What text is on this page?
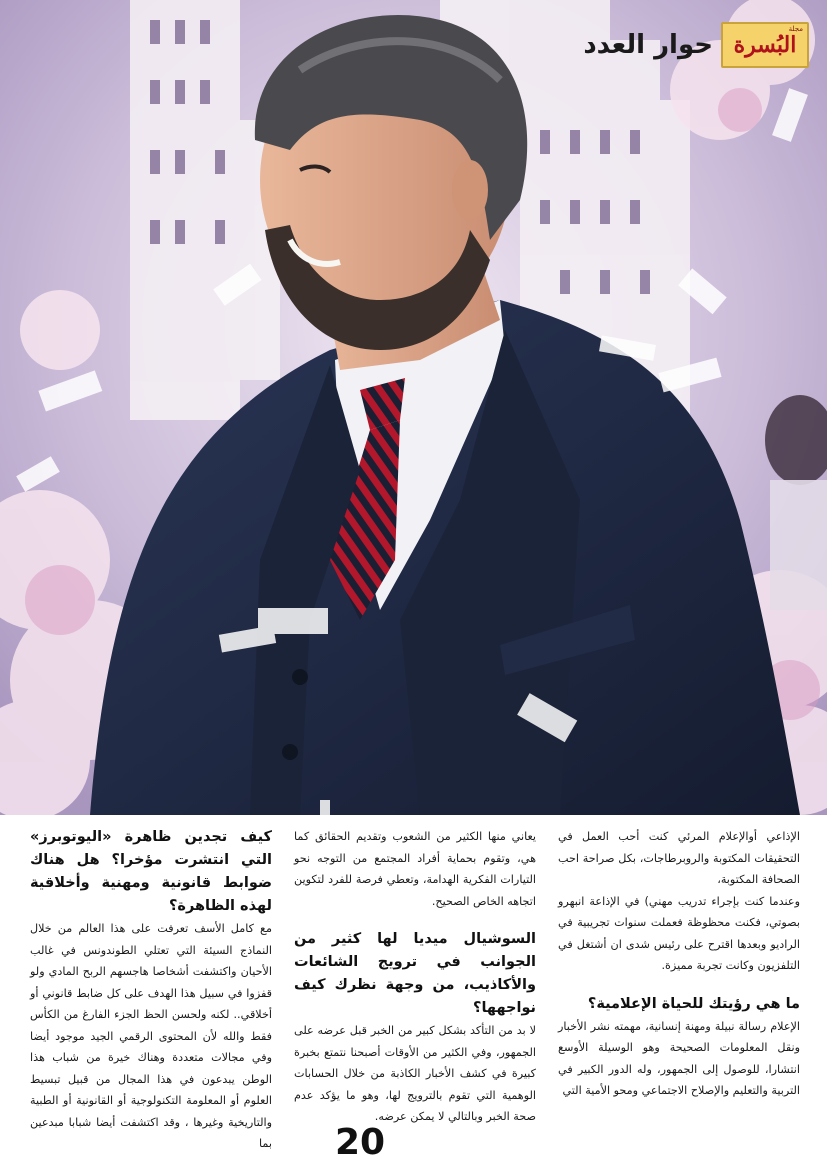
مجلة
البُسرة
حوار العدد

الإذاعي أوالإعلام المرئي كنت أحب العمل في التحقيقات المكتوبة والروبرطاجات، بكل صراحة احب الصحافة المكتوبة،

وعندما كنت بإجراء تدريب مهني) في الإذاعة انبهرو بصوتي، فكنت محظوظة فعملت سنوات تجريبية في الراديو وبعدها اقترح على رئيس شدى ان أشتغل في التلفزيون وكانت تجربة مميزة.

ما هي رؤيتك للحياة الإعلامية؟

الإعلام رسالة نبيلة ومهنة إنسانية، مهمته نشر الأخبار ونقل المعلومات الصحيحة وهو الوسيلة الأوسع انتشارا، للوصول إلى الجمهور، وله الدور الكبير في التربية والتعليم والإصلاح الاجتماعي ومحو الأمية التي

يعاني منها الكثير من الشعوب وتقديم الحقائق كما هي، وتقوم بحماية أفراد المجتمع من التوجه نحو التيارات الفكرية الهدامة، وتعطي فرصة للفرد لتكوين اتجاهه الخاص الصحيح.

السوشيال ميديا لها كثير من الجوانب في ترويج الشائعات والأكاذيب، من وجهة نظرك كيف نواجهها؟

لا بد من التأكد بشكل كبير من الخبر قبل عرضه على الجمهور، وفي الكثير من الأوقات أصبحنا نتمتع بخبرة كبيرة في كشف الأخبار الكاذبة من خلال الحسابات الوهمية التي تقوم بالترويج لها، وهو ما يؤكد عدم صحة الخبر وبالتالي لا يمكن عرضه.

كيف تجدين ظاهرة «اليوتوبرز» التي انتشرت مؤخرا؟ هل هناك ضوابط قانونية ومهنية وأخلاقية لهذه الظاهرة؟

مع كامل الأسف تعرفت على هذا العالم من خلال النماذج السيئة التي تعتلي الطوندونس في غالب الأحيان واكتشفت أشخاصا هاجسهم الربح المادي ولو قفزوا في سبيل هذا الهدف على كل ضابط قانوني أو أخلاقي.. لكنه ولحسن الحظ الجزء الفارغ من الكأس فقط والله لأن المحتوى الرقمي الجيد موجود أيضا وفي مجالات متعددة وهناك خيرة من شباب هذا الوطن يبدعون في هذا المجال من قبيل تبسيط العلوم أو المعلومة التكنولوجية أو القانونية أو الطبية والتاريخية وغيرها ، وقد اكتشفت أيضا شبابا مبدعين بما	20
